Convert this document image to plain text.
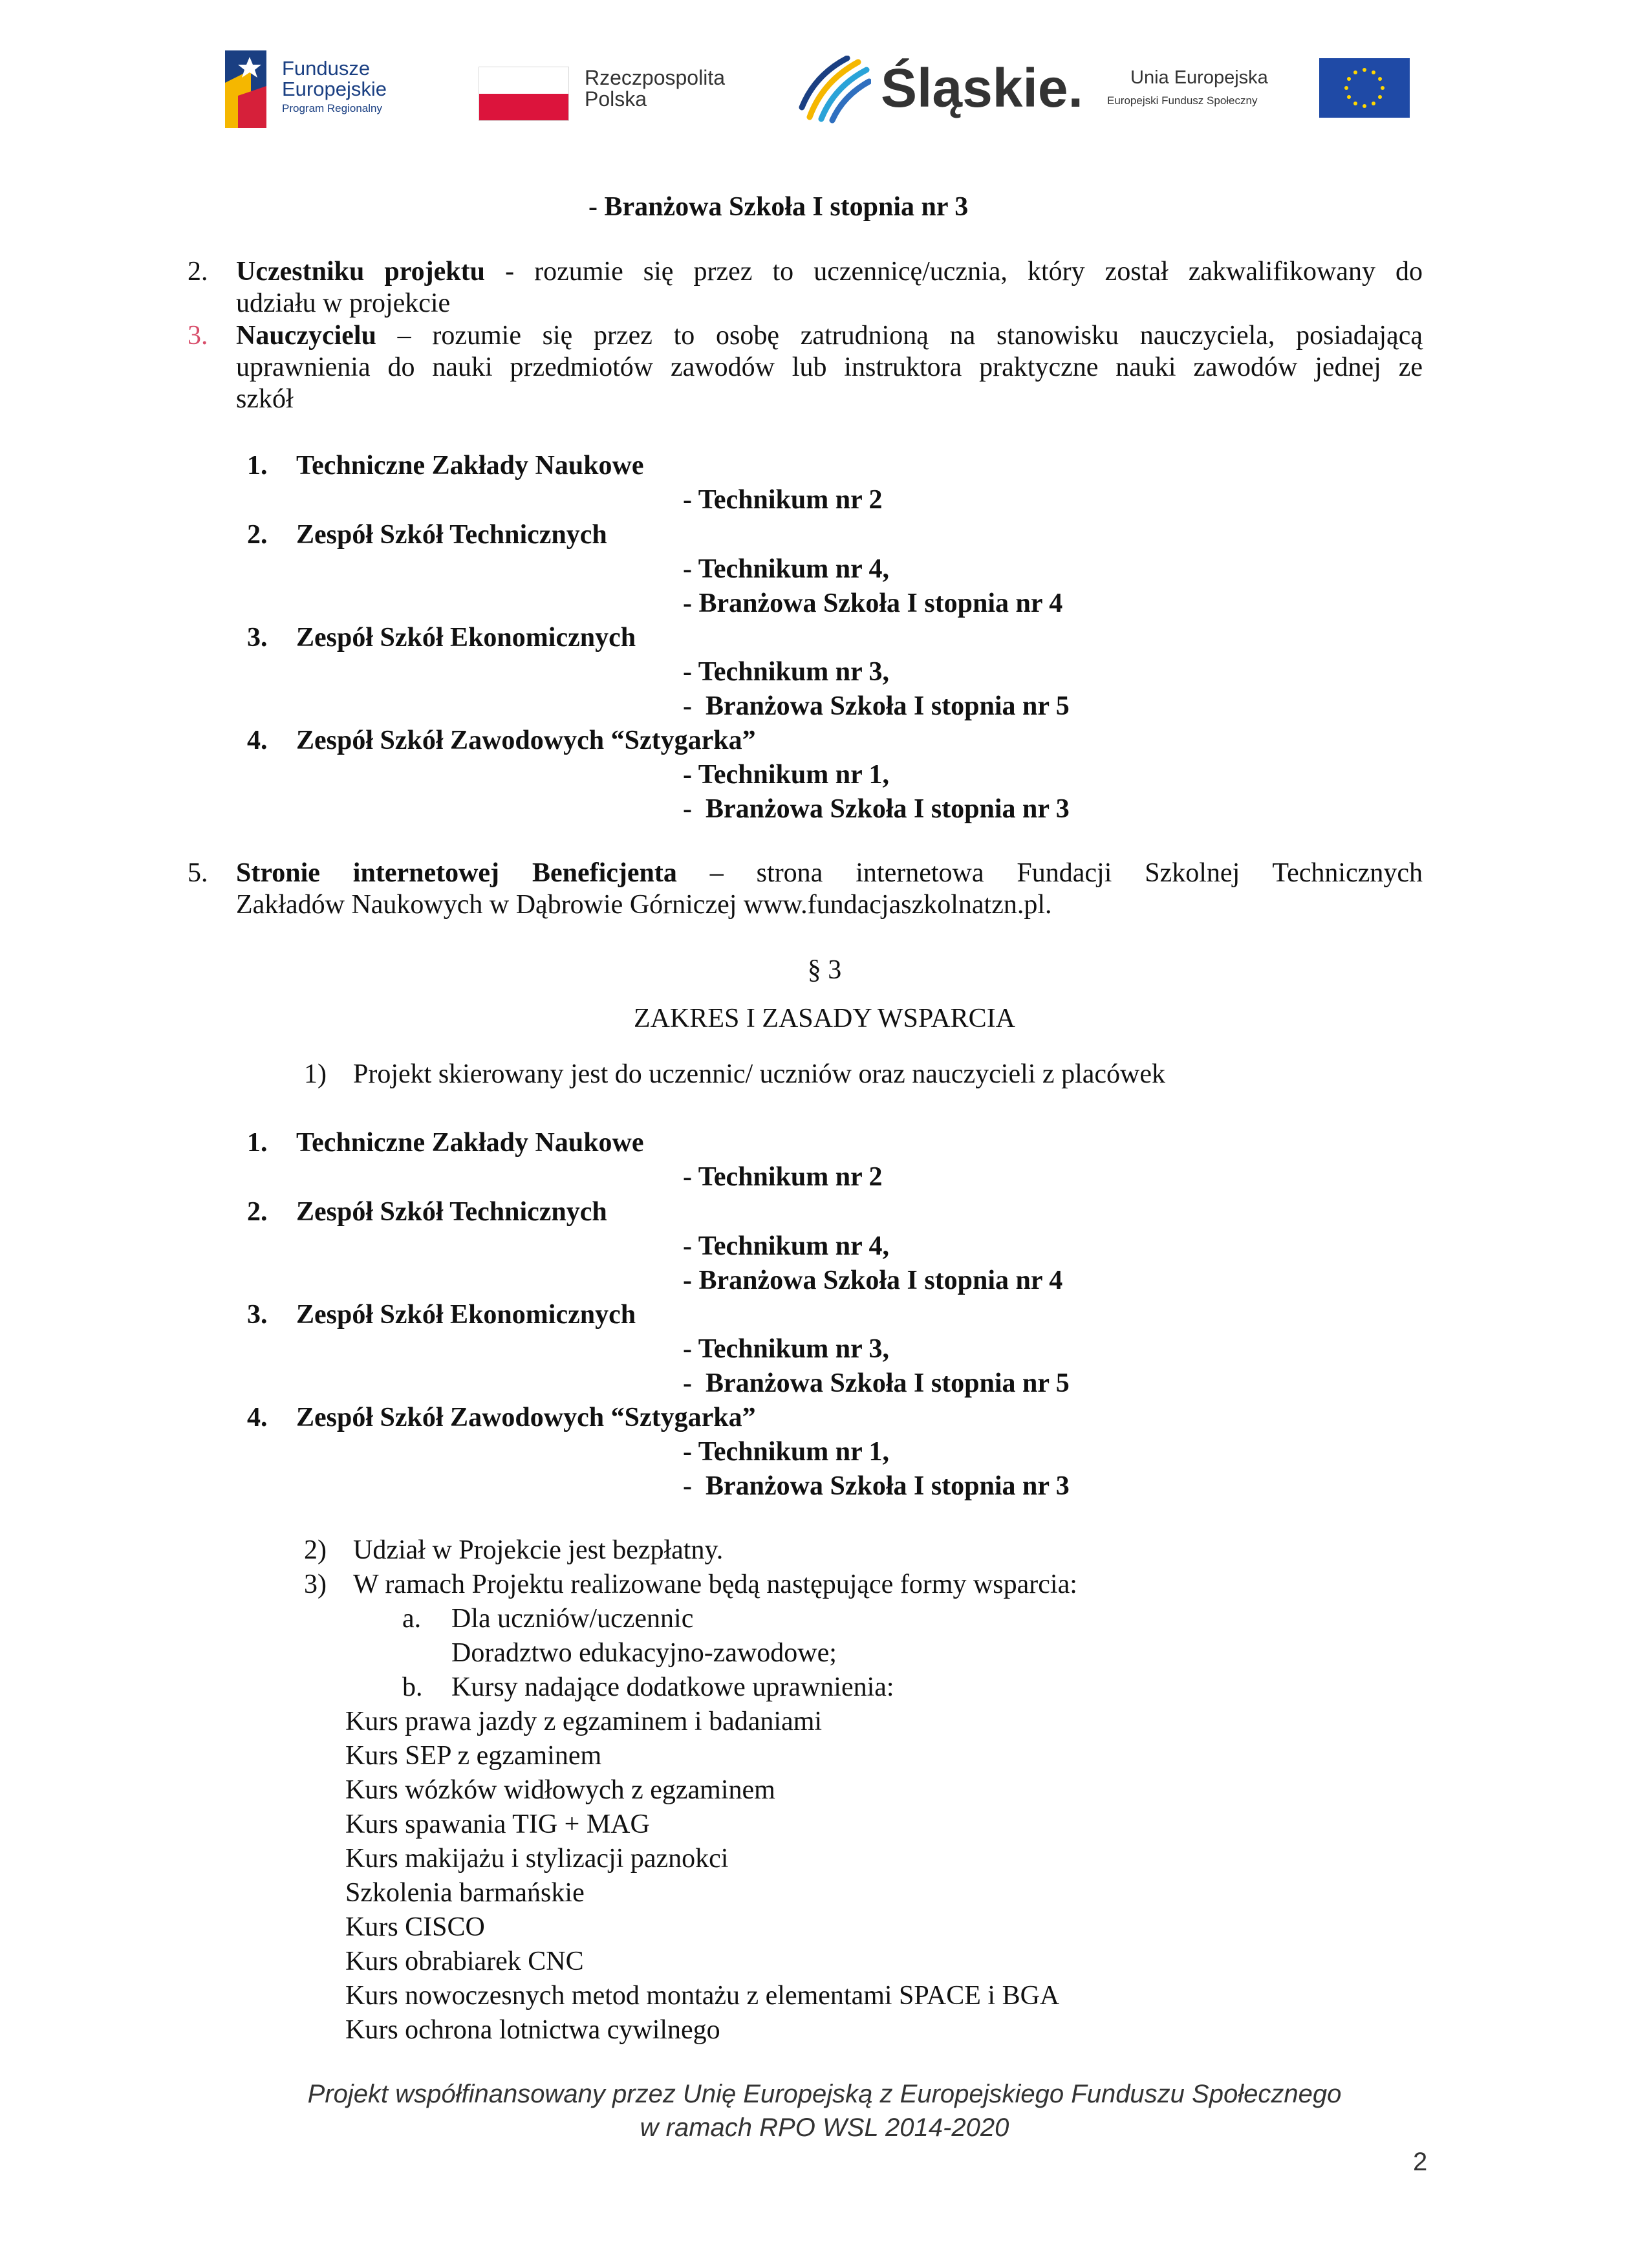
Fundusze
Europejskie
Program Regionalny
Rzeczpospolita
Polska	Śląskie.	Unia Europejska
Europejski Fundusz Społeczny
- Branżowa Szkoła I stopnia nr 3
2. Uczestniku projektu - rozumie się przez to uczennicę/ucznia, który został zakwalifikowany do
udziału w projekcie
3. Nauczycielu – rozumie się przez to osobę zatrudnioną na stanowisku nauczyciela, posiadającą
uprawnienia do nauki przedmiotów zawodów lub instruktora praktyczne nauki zawodów jednej ze
szkół
1. Techniczne Zakłady Naukowe
- Technikum nr 2
2. Zespół Szkół Technicznych
- Technikum nr 4,
- Branżowa Szkoła I stopnia nr 4
3. Zespół Szkół Ekonomicznych
- Technikum nr 3,
-  Branżowa Szkoła I stopnia nr 5
4. Zespół Szkół Zawodowych “Sztygarka”
- Technikum nr 1,
-  Branżowa Szkoła I stopnia nr 3
5. Stronie internetowej Beneficjenta – strona internetowa Fundacji Szkolnej Technicznych
Zakładów Naukowych w Dąbrowie Górniczej www.fundacjaszkolnatzn.pl.
§ 3
ZAKRES I ZASADY WSPARCIA
1) Projekt skierowany jest do uczennic/ uczniów oraz nauczycieli z placówek
1. Techniczne Zakłady Naukowe
- Technikum nr 2
2. Zespół Szkół Technicznych
- Technikum nr 4,
- Branżowa Szkoła I stopnia nr 4
3. Zespół Szkół Ekonomicznych
- Technikum nr 3,
-  Branżowa Szkoła I stopnia nr 5
4. Zespół Szkół Zawodowych “Sztygarka”
- Technikum nr 1,
-  Branżowa Szkoła I stopnia nr 3
2) Udział w Projekcie jest bezpłatny.
3) W ramach Projektu realizowane będą następujące formy wsparcia:
a. Dla uczniów/uczennic
Doradztwo edukacyjno-zawodowe;
b. Kursy nadające dodatkowe uprawnienia:
Kurs prawa jazdy z egzaminem i badaniami
Kurs SEP z egzaminem
Kurs wózków widłowych z egzaminem
Kurs spawania TIG + MAG
Kurs makijażu i stylizacji paznokci
Szkolenia barmańskie
Kurs CISCO
Kurs obrabiarek CNC
Kurs nowoczesnych metod montażu z elementami SPACE i BGA
Kurs ochrona lotnictwa cywilnego
Projekt współfinansowany przez Unię Europejską z Europejskiego Funduszu Społecznego
w ramach RPO WSL 2014-2020
2
